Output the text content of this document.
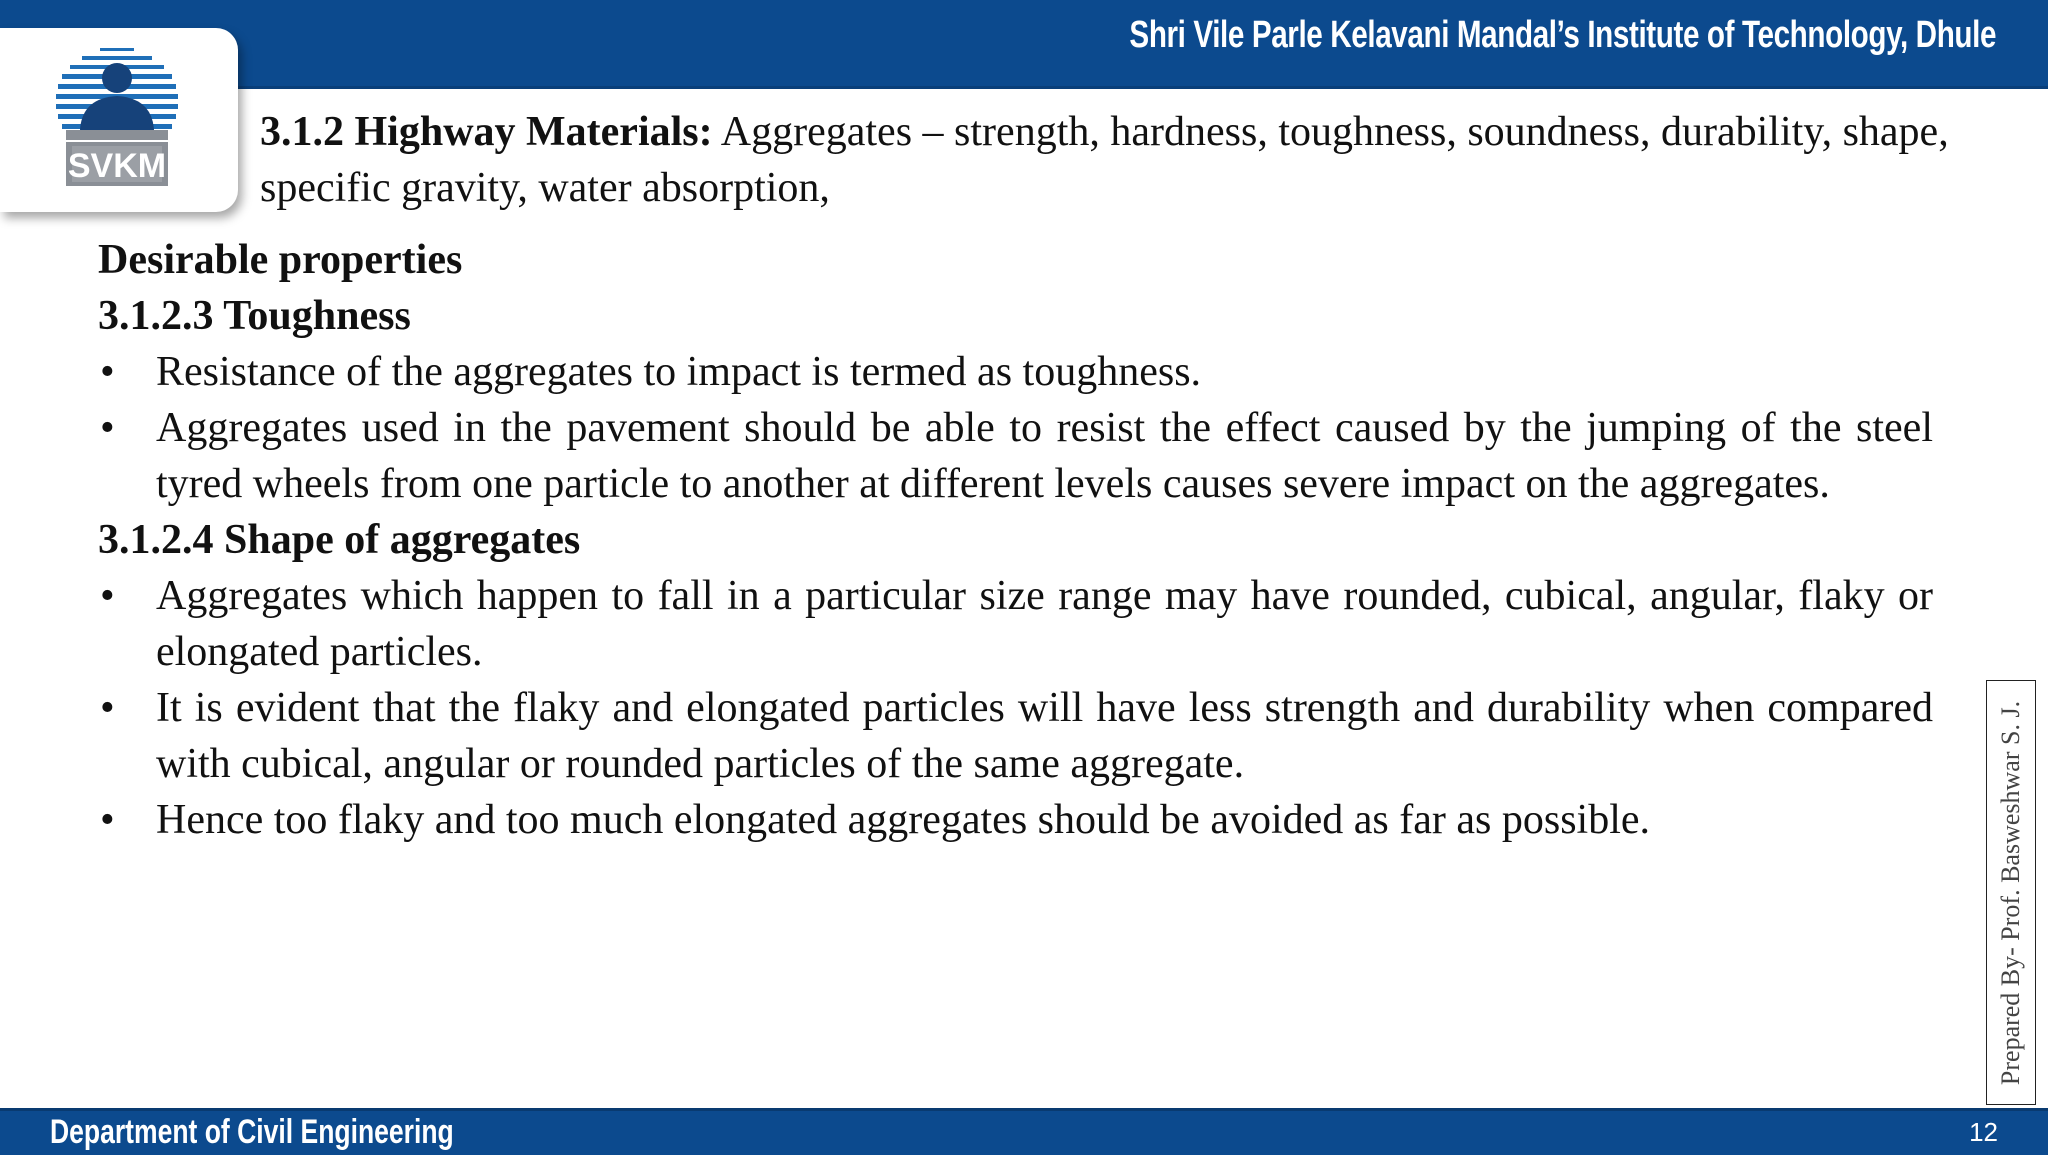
Shri Vile Parle Kelavani Mandal’s Institute of Technology, Dhule
SVKM
3.1.2 Highway Materials: Aggregates – strength, hardness, toughness, soundness, durability, shape, specific gravity, water absorption,
Desirable properties
3.1.2.3 Toughness
• Resistance of the aggregates to impact is termed as toughness.
• Aggregates used in the pavement should be able to resist the effect caused by the jumping of the steel tyred wheels from one particle to another at different levels causes severe impact on the aggregates.
3.1.2.4 Shape of aggregates
• Aggregates which happen to fall in a particular size range may have rounded, cubical, angular, flaky or elongated particles.
• It is evident that the flaky and elongated particles will have less strength and durability when compared with cubical, angular or rounded particles of the same aggregate.
• Hence too flaky and too much elongated aggregates should be avoided as far as possible.	Prepared By- Prof. Basweshwar S. J.
Department of Civil Engineering	12
